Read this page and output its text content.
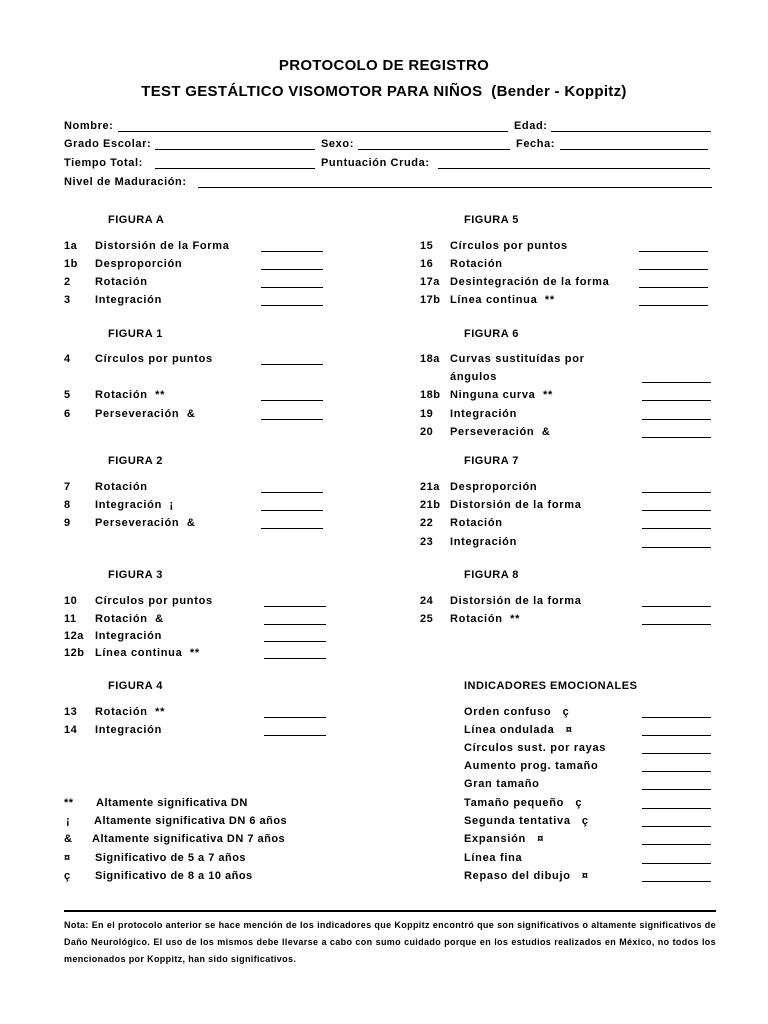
PROTOCOLO DE REGISTRO
TEST GESTÁLTICO VISOMOTOR PARA NIÑOS  (Bender - Koppitz)
Nombre:	Edad:
Grado Escolar:	Sexo:	Fecha:
Tiempo Total:	Puntuación Cruda:
Nivel de Maduración:
FIGURA A
1a Distorsión de la Forma
1b Desproporción
2 Rotación
3 Integración
FIGURA 1
4 Círculos por puntos
5 Rotación  **
6 Perseveración  &
FIGURA 2
7 Rotación
8 Integración  ¡
9 Perseveración  &
FIGURA 3
10 Círculos por puntos
11 Rotación  &
12a Integración
12b Línea continua  **
FIGURA 4
13 Rotación  **
14 Integración
** Altamente significativa DN
¡ Altamente significativa DN 6 años
& Altamente significativa DN 7 años
¤ Significativo de 5 a 7 años
ç Significativo de 8 a 10 años
FIGURA 5
15 Círculos por puntos
16 Rotación
17a Desintegración de la forma
17b Línea continua  **
FIGURA 6
18a Curvas sustituídas por
ángulos
18b Ninguna curva  **
19 Integración
20 Perseveración  &
FIGURA 7
21a Desproporción
21b Distorsión de la forma
22 Rotación
23 Integración
FIGURA 8
24 Distorsión de la forma
25 Rotación  **
INDICADORES EMOCIONALES
Orden confuso   ç
Línea ondulada   ¤
Círculos sust. por rayas
Aumento prog. tamaño
Gran tamaño
Tamaño pequeño   ç
Segunda tentativa   ç
Expansión   ¤
Línea fina
Repaso del dibujo   ¤
Nota: En el protocolo anterior se hace mención de los indicadores que Koppitz encontró que son significativos o altamente significativos de Daño Neurológico. El uso de los mismos debe llevarse a cabo con sumo cuidado porque en los estudios realizados en México, no todos los mencionados por Koppitz, han sido significativos.
